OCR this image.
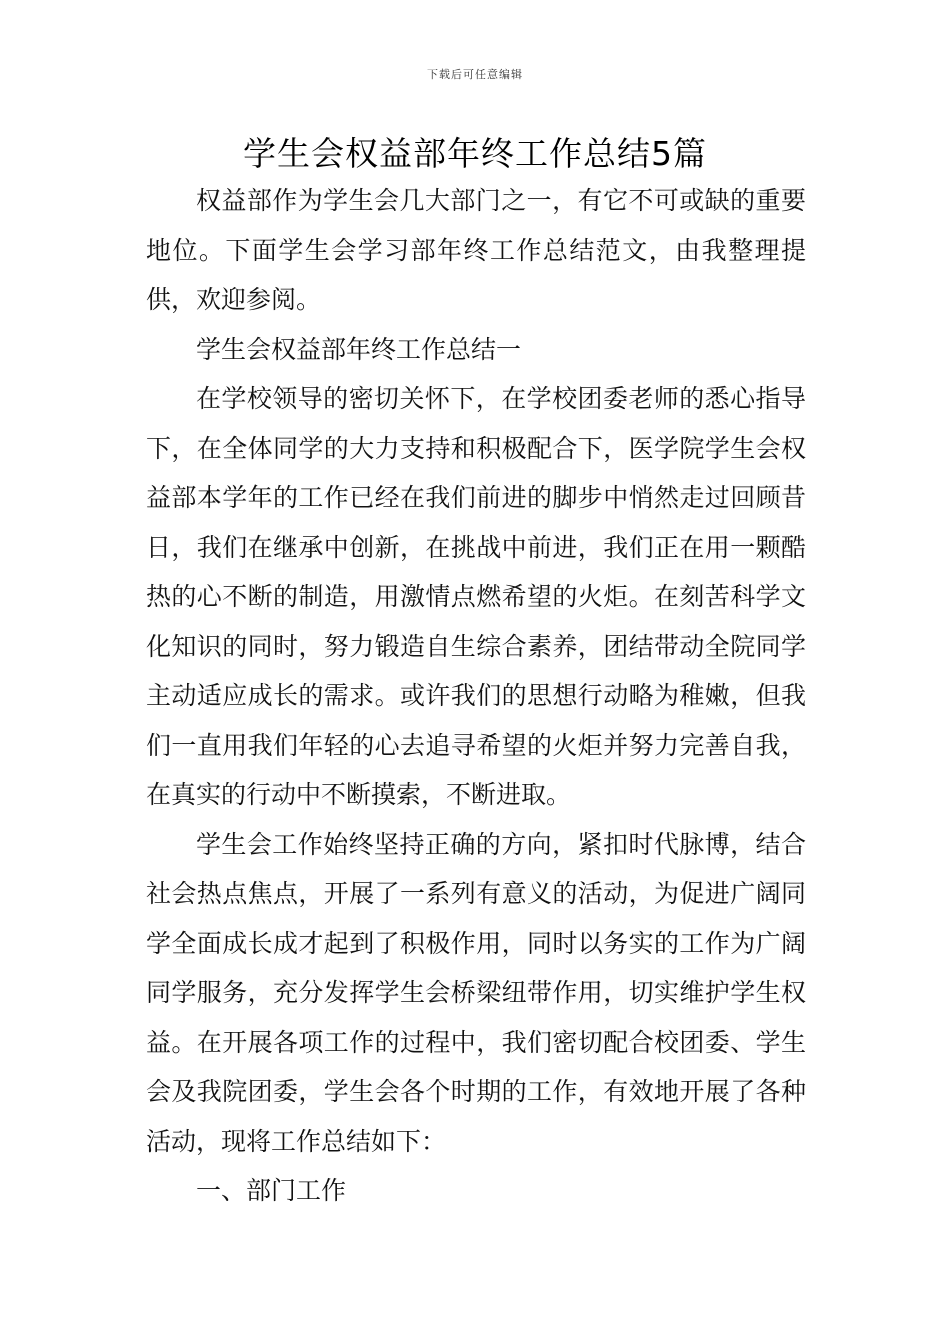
下载后可任意编辑
学生会权益部年终工作总结5篇

权益部作为学生会几大部门之一，有它不可或缺的重要地位。下面学生会学习部年终工作总结范文，由我整理提供，欢迎参阅。

学生会权益部年终工作总结一

在学校领导的密切关怀下，在学校团委老师的悉心指导下，在全体同学的大力支持和积极配合下，医学院学生会权益部本学年的工作已经在我们前进的脚步中悄然走过回顾昔日，我们在继承中创新，在挑战中前进，我们正在用一颗酷热的心不断的制造，用激情点燃希望的火炬。在刻苦科学文化知识的同时，努力锻造自生综合素养，团结带动全院同学主动适应成长的需求。或许我们的思想行动略为稚嫩，但我们一直用我们年轻的心去追寻希望的火炬并努力完善自我，在真实的行动中不断摸索，不断进取。

学生会工作始终坚持正确的方向，紧扣时代脉博，结合社会热点焦点，开展了一系列有意义的活动，为促进广阔同学全面成长成才起到了积极作用，同时以务实的工作为广阔同学服务，充分发挥学生会桥梁纽带作用，切实维护学生权益。在开展各项工作的过程中，我们密切配合校团委、学生会及我院团委，学生会各个时期的工作，有效地开展了各种活动，现将工作总结如下：

一、部门工作
